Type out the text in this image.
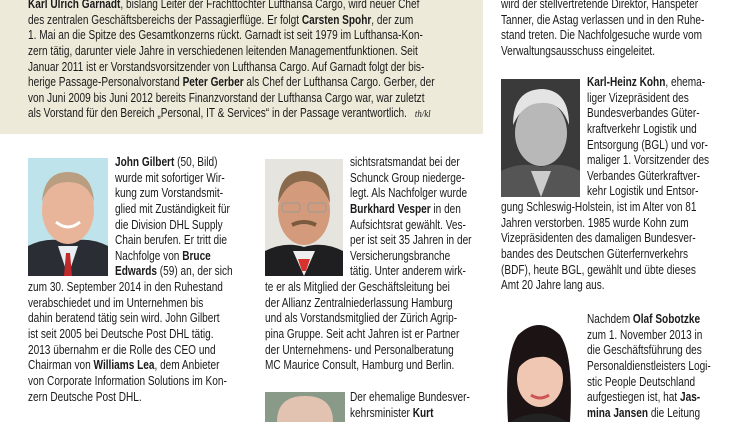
Karl Ulrich Garnadt, bislang Leiter der Frachttochter Lufthansa Cargo, wird neuer Chef
des zentralen Geschäftsbereichs der Passagierflüge. Er folgt Carsten Spohr, der zum
1. Mai an die Spitze des Gesamtkonzerns rückt. Garnadt ist seit 1979 im Lufthansa-Kon-
zern tätig, darunter viele Jahre in verschiedenen leitenden Managementfunktionen. Seit
Januar 2011 ist er Vorstandsvorsitzender von Lufthansa Cargo. Auf Garnadt folgt der bis-
herige Passage-Personalvorstand Peter Gerber als Chef der Lufthansa Cargo. Gerber, der
von Juni 2009 bis Juni 2012 bereits Finanzvorstand der Lufthansa Cargo war, war zuletzt
als Vorstand für den Bereich „Personal, IT & Services“ in der Passage verantwortlich. th/kl
John Gilbert (50, Bild)
wurde mit sofortiger Wir-
kung zum Vorstandsmit-
glied mit Zuständigkeit für
die Division DHL Supply
Chain berufen. Er tritt die
Nachfolge von Bruce
Edwards (59) an, der sich
zum 30. September 2014 in den Ruhestand
verabschiedet und im Unternehmen bis
dahin beratend tätig sein wird. John Gilbert
ist seit 2005 bei Deutsche Post DHL tätig.
2013 übernahm er die Rolle des CEO und
Chairman von Williams Lea, dem Anbieter
von Corporate Information Solutions im Kon-
zern Deutsche Post DHL.
sichtsratsmandat bei der
Schunck Group niederge-
legt. Als Nachfolger wurde
Burkhard Vesper in den
Aufsichtsrat gewählt. Ves-
per ist seit 35 Jahren in der
Versicherungsbranche
tätig. Unter anderem wirk-
te er als Mitglied der Geschäftsleitung bei
der Allianz Zentralniederlassung Hamburg
und als Vorstandsmitglied der Zürich Agrip-
pina Gruppe. Seit acht Jahren ist er Partner
der Unternehmens- und Personalberatung
MC Maurice Consult, Hamburg und Berlin.
Der ehemalige Bundesver-
kehrsminister Kurt
wird der stellvertretende Direktor, Hanspeter
Tanner, die Astag verlassen und in den Ruhe-
stand treten. Die Nachfolgesuche wurde vom
Verwaltungsausschuss eingeleitet.
Karl-Heinz Kohn, ehema-
liger Vizepräsident des
Bundesverbandes Güter-
kraftverkehr Logistik und
Entsorgung (BGL) und vor-
maliger 1. Vorsitzender des
Verbandes Güterkraftver-
kehr Logistik und Entsor-
gung Schleswig-Holstein, ist im Alter von 81
Jahren verstorben. 1985 wurde Kohn zum
Vizepräsidenten des damaligen Bundesver-
bandes des Deutschen Güterfernverkehrs
(BDF), heute BGL, gewählt und übte dieses
Amt 20 Jahre lang aus.
Nachdem Olaf Sobotzke
zum 1. November 2013 in
die Geschäftsführung des
Personaldienstleisters Logi-
stic People Deutschland
aufgestiegen ist, hat Jas-
mina Jansen die Leitung
